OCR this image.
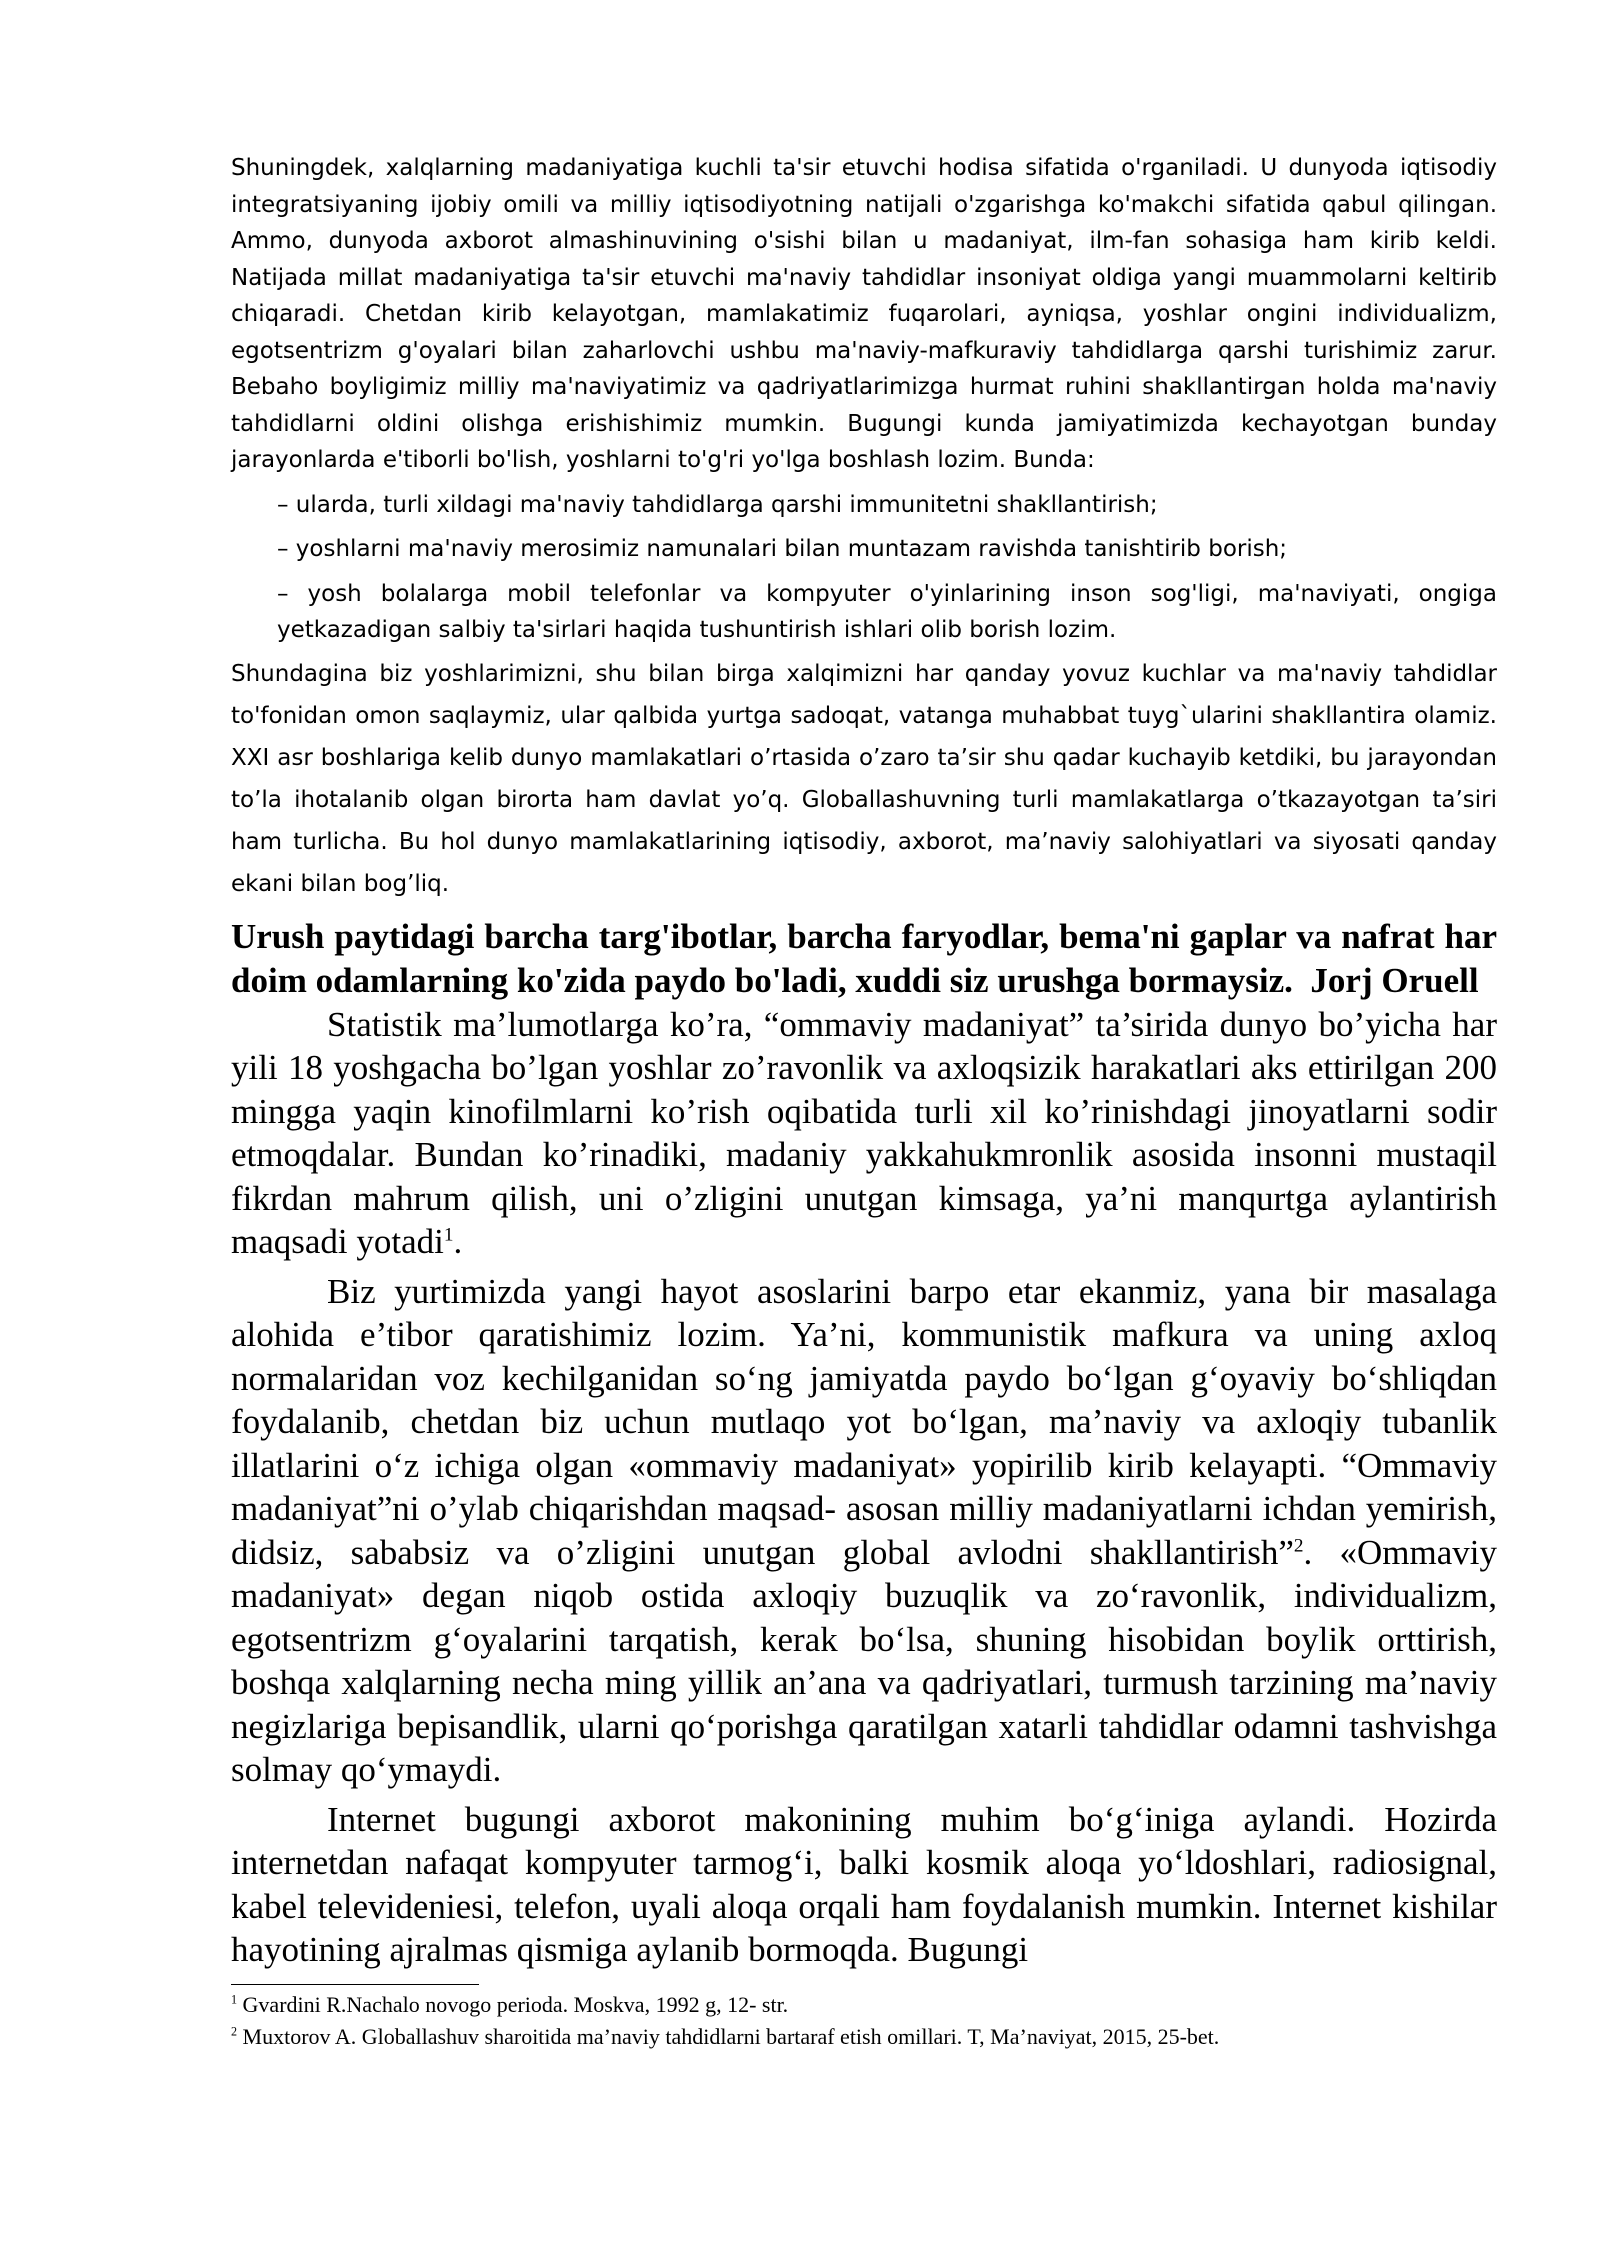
Shuningdek, xalqlarning madaniyatiga kuchli ta'sir etuvchi hodisa sifatida o'rganiladi. U dunyoda iqtisodiy integratsiyaning ijobiy omili va milliy iqtisodiyotning natijali o'zgarishga ko'makchi sifatida qabul qilingan. Ammo, dunyoda axborot almashinuvining o'sishi bilan u madaniyat, ilm-fan sohasiga ham kirib keldi. Natijada millat madaniyatiga ta'sir etuvchi ma'naviy tahdidlar insoniyat oldiga yangi muammolarni keltirib chiqaradi. Chetdan kirib kelayotgan, mamlakatimiz fuqarolari, ayniqsa, yoshlar ongini individualizm, egotsentrizm g'oyalari bilan zaharlovchi ushbu ma'naviy-mafkuraviy tahdidlarga qarshi turishimiz zarur. Bebaho boyligimiz milliy ma'naviyatimiz va qadriyatlarimizga hurmat ruhini shakllantirgan holda ma'naviy tahdidlarni oldini olishga erishishimiz mumkin. Bugungi kunda jamiyatimizda kechayotgan bunday jarayonlarda e'tiborli bo'lish, yoshlarni to'g'ri yo'lga boshlash lozim. Bunda:

– ularda, turli xildagi ma'naviy tahdidlarga qarshi immunitetni shakllantirish;
– yoshlarni ma'naviy merosimiz namunalari bilan muntazam ravishda tanishtirib borish;
– yosh bolalarga mobil telefonlar va kompyuter o'yinlarining inson sog'ligi, ma'naviyati, ongiga yetkazadigan salbiy ta'sirlari haqida tushuntirish ishlari olib borish lozim.

Shundagina biz yoshlarimizni, shu bilan birga xalqimizni har qanday yovuz kuchlar va ma'naviy tahdidlar to'fonidan omon saqlaymiz, ular qalbida yurtga sadoqat, vatanga muhabbat tuyg`ularini shakllantira olamiz. XXI asr boshlariga kelib dunyo mamlakatlari o’rtasida o’zaro ta’sir shu qadar kuchayib ketdiki, bu jarayondan to’la ihotalanib olgan birorta ham davlat yo’q. Globallashuvning turli mamlakatlarga o’tkazayotgan ta’siri ham turlicha. Bu hol dunyo mamlakatlarining iqtisodiy, axborot, ma’naviy salohiyatlari va siyosati qanday ekani bilan bog’liq.

Urush paytidagi barcha targ'ibotlar, barcha faryodlar, bema'ni gaplar va nafrat har doim odamlarning ko'zida paydo bo'ladi, xuddi siz urushga bormaysiz. Jorj Oruell

Statistik ma’lumotlarga ko’ra, “ommaviy madaniyat” ta’sirida dunyo bo’yicha har yili 18 yoshgacha bo’lgan yoshlar zo’ravonlik va axloqsizik harakatlari aks ettirilgan 200 mingga yaqin kinofilmlarni ko’rish oqibatida turli xil ko’rinishdagi jinoyatlarni sodir etmoqdalar. Bundan ko’rinadiki, madaniy yakkahukmronlik asosida insonni mustaqil fikrdan mahrum qilish, uni o’zligini unutgan kimsaga, ya’ni manqurtga aylantirish maqsadi yotadi$^1$.

Biz yurtimizda yangi hayot asoslarini barpo etar ekanmiz, yana bir masalaga alohida e’tibor qaratishimiz lozim. Ya’ni, kommunistik mafkura va uning axloq normalaridan voz kechilganidan so‘ng jamiyatda paydo bo‘lgan g‘oyaviy bo‘shliqdan foydalanib, chetdan biz uchun mutlaqo yot bo‘lgan, ma’naviy va axloqiy tubanlik illatlarini o‘z ichiga olgan «ommaviy madaniyat» yopirilib kirib kelayapti. “Ommaviy madaniyat”ni o’ylab chiqarishdan maqsad- asosan milliy madaniyatlarni ichdan yemirish, didsiz, sababsiz va o’zligini unutgan global avlodni shakllantirish”$^2$. «Ommaviy madaniyat» degan niqob ostida axloqiy buzuqlik va zo‘ravonlik, individualizm, egotsentrizm g‘oyalarini tarqatish, kerak bo‘lsa, shuning hisobidan boylik orttirish, boshqa xalqlarning necha ming yillik an’ana va qadriyatlari, turmush tarzining ma’naviy negizlariga bepisandlik, ularni qo‘porishga qaratilgan xatarli tahdidlar odamni tashvishga solmay qo‘ymaydi.

Internet bugungi axborot makonining muhim bo‘g‘iniga aylandi. Hozirda internetdan nafaqat kompyuter tarmog‘i, balki kosmik aloqa yo‘ldoshlari, radiosignal, kabel televideniesi, telefon, uyali aloqa orqali ham foydalanish mumkin. Internet kishilar hayotining ajralmas qismiga aylanib bormoqda. Bugungi

$^1$ Gvardini R.Nachalo novogo perioda. Moskva, 1992 g, 12- str.

$^2$ Muxtorov A. Globallashuv sharoitida ma’naviy tahdidlarni bartaraf etish omillari. T, Ma’naviyat, 2015, 25-bet.
